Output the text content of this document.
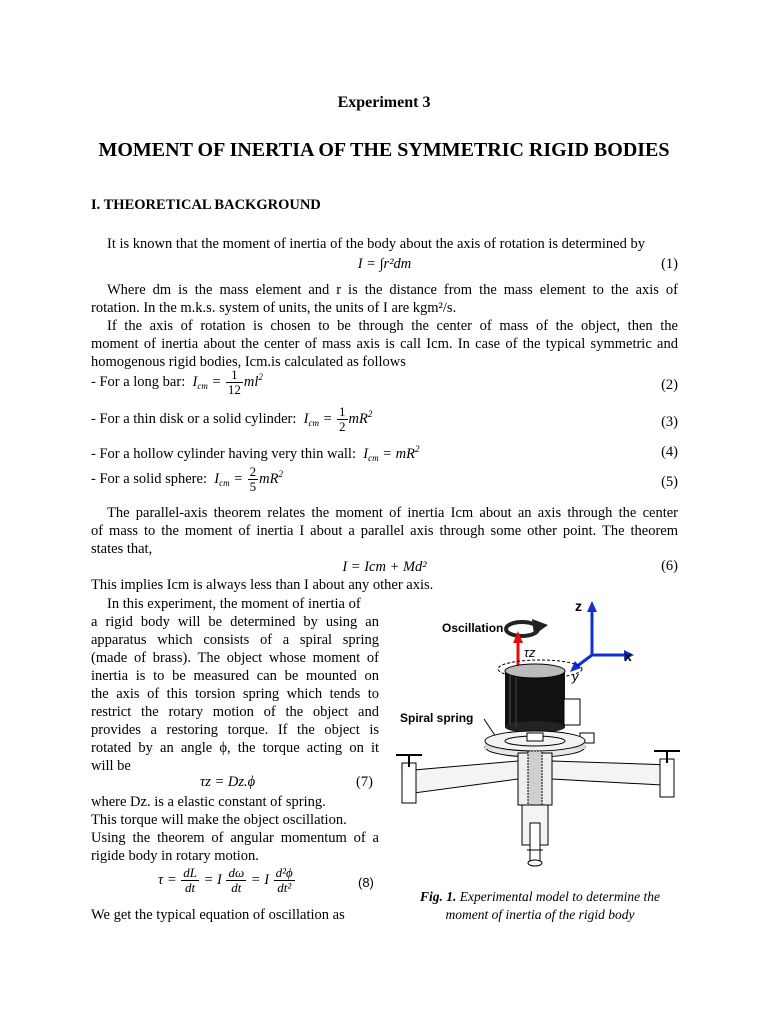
Experiment 3
MOMENT OF INERTIA OF THE SYMMETRIC RIGID BODIES
I. THEORETICAL BACKGROUND
It is known that the moment of inertia of the body about the axis of rotation is determined by
I = ∫r²dm	(1)
Where dm is the mass element and r is the distance from the mass element to the axis of
rotation. In the m.k.s. system of units, the units of I are kgm²/s.
If the axis of rotation is chosen to be through the center of mass of the object, then the
moment of inertia about the center of mass axis is call Icm. In case of the typical symmetric and
homogenous rigid bodies, Icm.is calculated as follows
- For a long bar:  $I_{cm} = \frac{1}{12} ml^2$	(2)
- For a thin disk or a solid cylinder:  $I_{cm} = \frac{1}{2} mR^2$	(3)
- For a hollow cylinder having very thin wall:  $I_{cm} = mR^2$	(4)
- For a solid sphere:  $I_{cm} = \frac{2}{5} mR^2$	(5)
The parallel-axis theorem relates the moment of inertia Icm about an axis through the center
of mass to the moment of inertia I about a parallel axis through some other point. The theorem
states that,
I = Icm + Md²	(6)
This implies Icm is always less than I about any other axis.
In this experiment, the moment of inertia of
a rigid body will be determined by using an
apparatus which consists of a spiral spring
(made of brass). The object whose moment of
inertia is to be measured can be mounted on
the axis of this torsion spring which tends to
restrict the rotary motion of the object and
provides a restoring torque. If the object is
rotated by an angle ϕ, the torque acting on it
will be
τz = Dz.ϕ	(7)
where Dz. is a elastic constant of spring.
This torque will make the object oscillation.
Using the theorem of angular momentum of a
rigide body in rotary motion.
$\tau = \frac{dL}{dt} = I \frac{d\omega}{dt} = I \frac{\text{d²ϕ}}{\text{dt²}}$	(8)
We get the typical equation of oscillation as
z
x
y
Oscillation
Spiral spring
τz
Fig. 1. Experimental model to determine the
moment of inertia of the rigid body
